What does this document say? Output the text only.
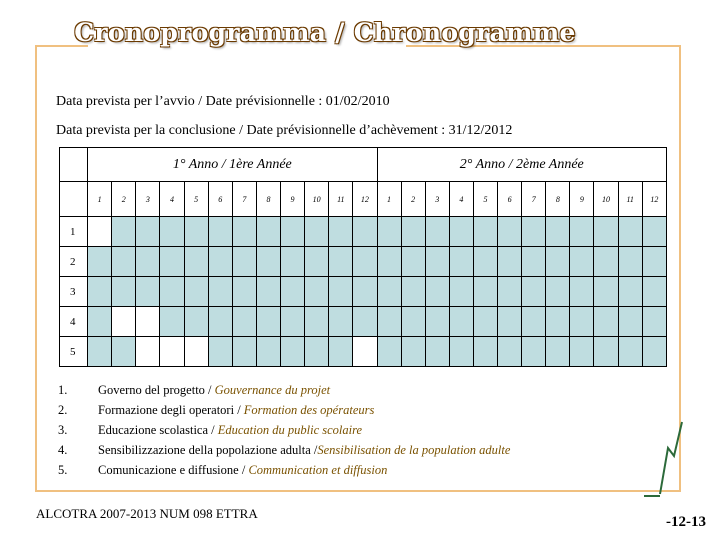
Cronoprogramma / Chronogramme
Data prevista per l’avvio / Date prévisionnelle : 01/02/2010
Data prevista per la conclusione / Date prévisionnelle d’achèvement : 31/12/2012
	1° Anno / 1ère Année												2° Anno / 2ème Année											
	1	2	3	4	5	6	7	8	9	10	11	12	1	2	3	4	5	6	7	8	9	10	11	12
1																								
2																								
3																								
4																								
5																								
1.	Governo del progetto / Gouvernance du projet
2.	Formazione degli operatori / Formation des opérateurs
3.	Educazione scolastica / Education du public scolaire
4.	Sensibilizzazione della popolazione adulta / Sensibilisation de la population adulte
5.	Comunicazione e diffusione / Communication et diffusion
ALCOTRA 2007-2013 NUM 098 ETTRA
-12-13
